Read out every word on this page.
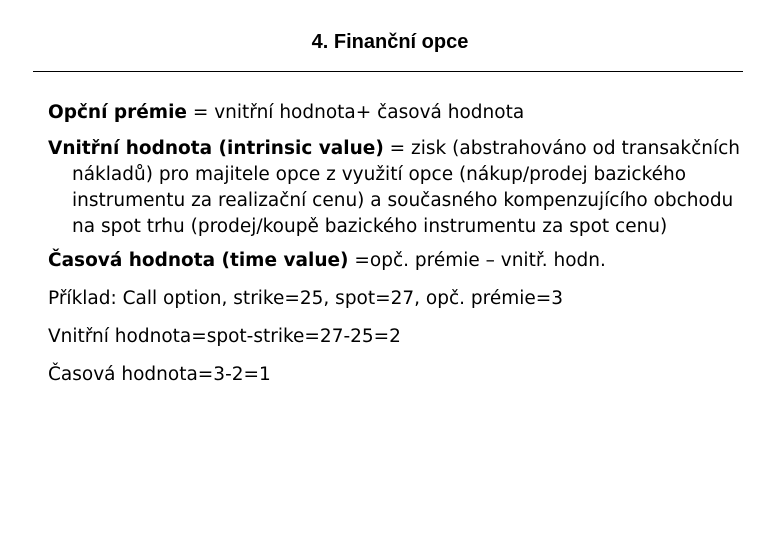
4. Finanční opce

Opční prémie = vnitřní hodnota+ časová hodnota

Vnitřní hodnota (intrinsic value) = zisk (abstrahováno od transakčních nákladů) pro majitele opce z využití opce (nákup/prodej bazického instrumentu za realizační cenu) a současného kompenzujícího obchodu na spot trhu (prodej/koupě bazického instrumentu za spot cenu)

Časová hodnota (time value) =opč. prémie – vnitř. hodn.

Příklad: Call option, strike=25, spot=27, opč. prémie=3

Vnitřní hodnota=spot-strike=27-25=2

Časová hodnota=3-2=1
